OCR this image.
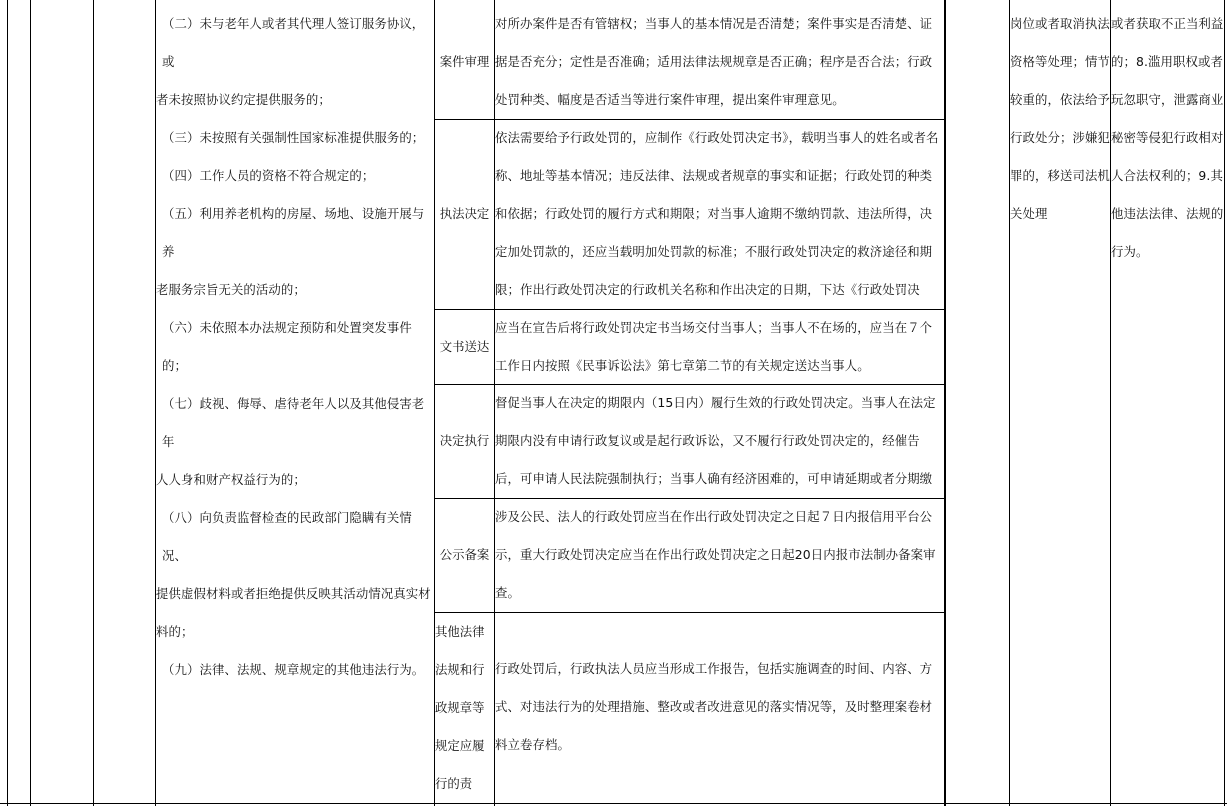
（二）未与老年人或者其代理人签订服务协议，或

者未按照协议约定提供服务的；

（三）未按照有关强制性国家标准提供服务的；

（四）工作人员的资格不符合规定的；

（五）利用养老机构的房屋、场地、设施开展与养

老服务宗旨无关的活动的；

（六）未依照本办法规定预防和处置突发事件的；

（七）歧视、侮辱、虐待老年人以及其他侵害老年

人人身和财产权益行为的；

（八）向负责监督检查的民政部门隐瞒有关情况、

提供虚假材料或者拒绝提供反映其活动情况真实材

料的；

（九）法律、法规、规章规定的其他违法行为。

案件审理
执法决定
文书送达
决定执行
公示备案
其他法律法规和行政规章等规定应履行的责
对所办案件是否有管辖权；当事人的基本情况是否清楚；案件事实是否清楚、证据是否充分；定性是否准确；适用法律法规规章是否正确；程序是否合法；行政处罚种类、幅度是否适当等进行案件审理，提出案件审理意见。
依法需要给予行政处罚的，应制作《行政处罚决定书》，载明当事人的姓名或者名称、地址等基本情况；违反法律、法规或者规章的事实和证据；行政处罚的种类和依据；行政处罚的履行方式和期限；对当事人逾期不缴纳罚款、违法所得，决定加处罚款的，还应当载明加处罚款的标准；不服行政处罚决定的救济途径和期限；作出行政处罚决定的行政机关名称和作出决定的日期，下达《行政处罚决
应当在宣告后将行政处罚决定书当场交付当事人；当事人不在场的，应当在７个工作日内按照《民事诉讼法》第七章第二节的有关规定送达当事人。
督促当事人在决定的期限内（15日内）履行生效的行政处罚决定。当事人在法定期限内没有申请行政复议或是起行政诉讼，又不履行行政处罚决定的，经催告后，可申请人民法院强制执行；当事人确有经济困难的，可申请延期或者分期缴
涉及公民、法人的行政处罚应当在作出行政处罚决定之日起７日内报信用平台公示，重大行政处罚决定应当在作出行政处罚决定之日起20日内报市法制办备案审查。
行政处罚后，行政执法人员应当形成工作报告，包括实施调查的时间、内容、方式、对违法行为的处理措施、整改或者改进意见的落实情况等，及时整理案卷材料立卷存档。
岗位或者取消执法资格等处理；情节较重的，依法给予行政处分；涉嫌犯罪的，移送司法机关处理
或者获取不正当利益的；8.滥用职权或者玩忽职守，泄露商业秘密等侵犯行政相对人合法权利的；9.其他违法法律、法规的行为。
